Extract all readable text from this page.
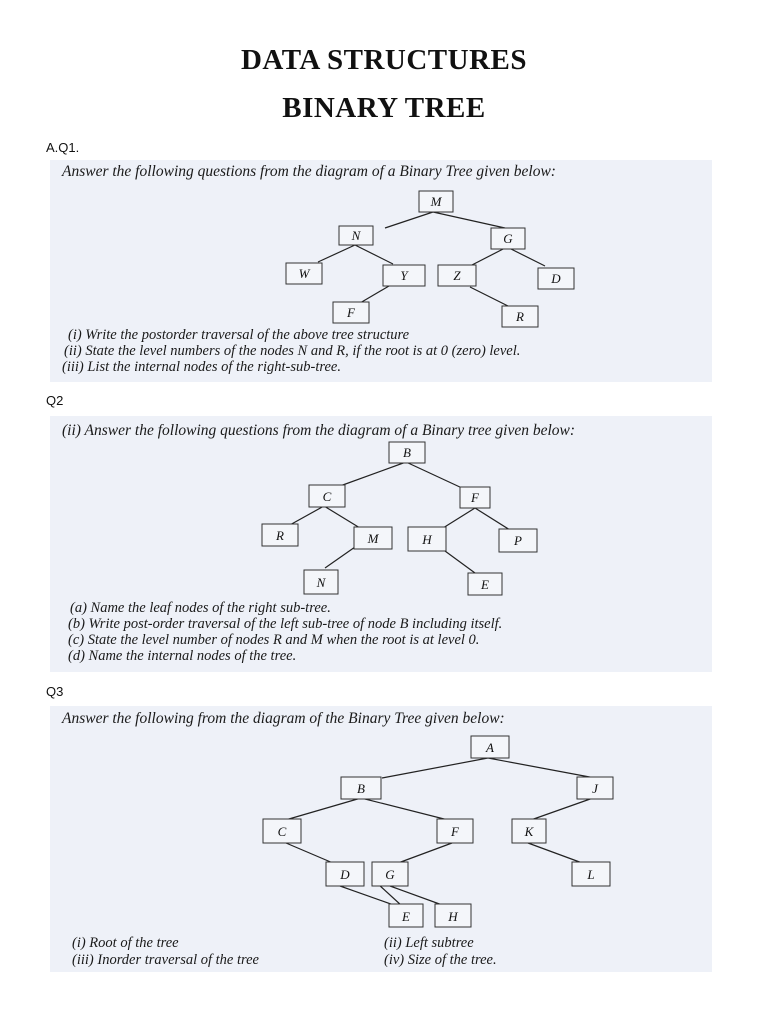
DATA STRUCTURES
BINARY TREE
A.Q1.
Answer the following questions from the diagram of a Binary Tree given below:
M
N	G
W	Y	Z	D
F	R
(i) Write the postorder traversal of the above tree structure
(ii) State the level numbers of the nodes N and R, if the root is at 0 (zero) level.
(iii) List the internal nodes of the right-sub-tree.
Q2
(ii) Answer the following questions from the diagram of a Binary tree given below:
B
C	F
R	M	H	P
N	E
(a) Name the leaf nodes of the right sub-tree.
(b) Write post-order traversal of the left sub-tree of node B including itself.
(c) State the level number of nodes R and M when the root is at level 0.
(d) Name the internal nodes of the tree.
Q3
Answer the following from the diagram of the Binary Tree given below:
A
B	J
C	F	K
D	G	L
E	H
(i) Root of the tree	(ii) Left subtree
(iii) Inorder traversal of the tree	(iv) Size of the tree.
